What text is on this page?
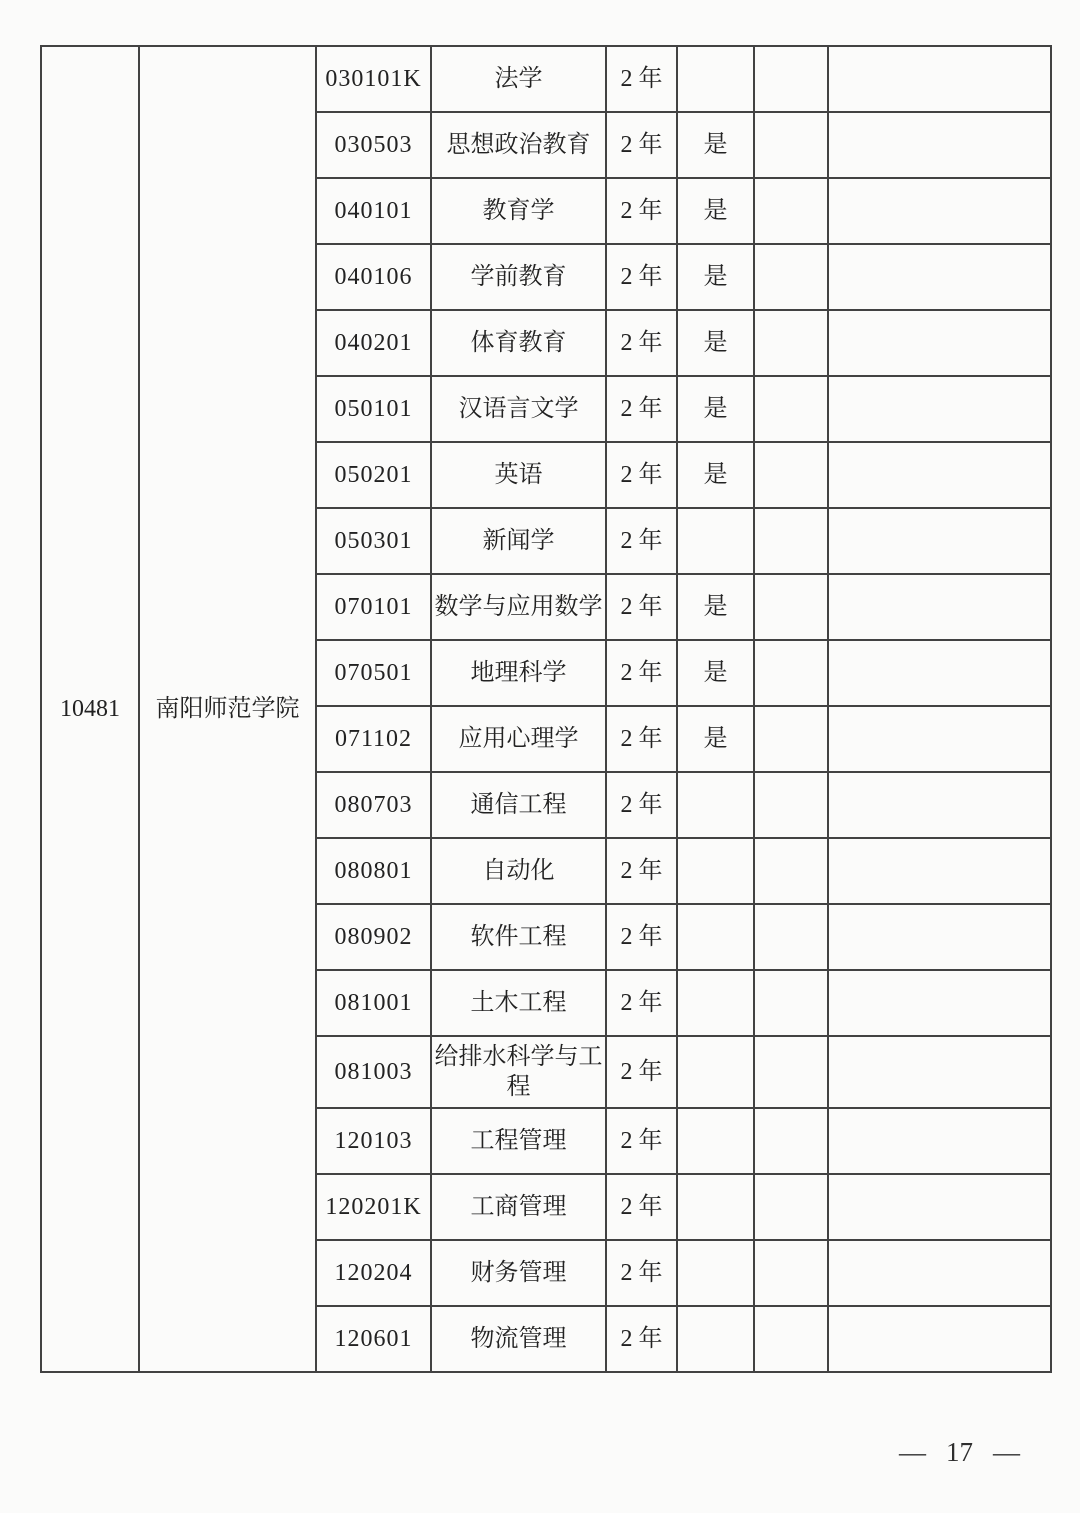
10481	南阳师范学院	030101K	法学	2 年			
		030503	思想政治教育	2 年	是		
		040101	教育学	2 年	是		
		040106	学前教育	2 年	是		
		040201	体育教育	2 年	是		
		050101	汉语言文学	2 年	是		
		050201	英语	2 年	是		
		050301	新闻学	2 年			
		070101	数学与应用数学	2 年	是		
		070501	地理科学	2 年	是		
		071102	应用心理学	2 年	是		
		080703	通信工程	2 年			
		080801	自动化	2 年			
		080902	软件工程	2 年			
		081001	土木工程	2 年			
		081003	给排水科学与工程	2 年			
		120103	工程管理	2 年			
		120201K	工商管理	2 年			
		120204	财务管理	2 年			
		120601	物流管理	2 年			
— 17 —
